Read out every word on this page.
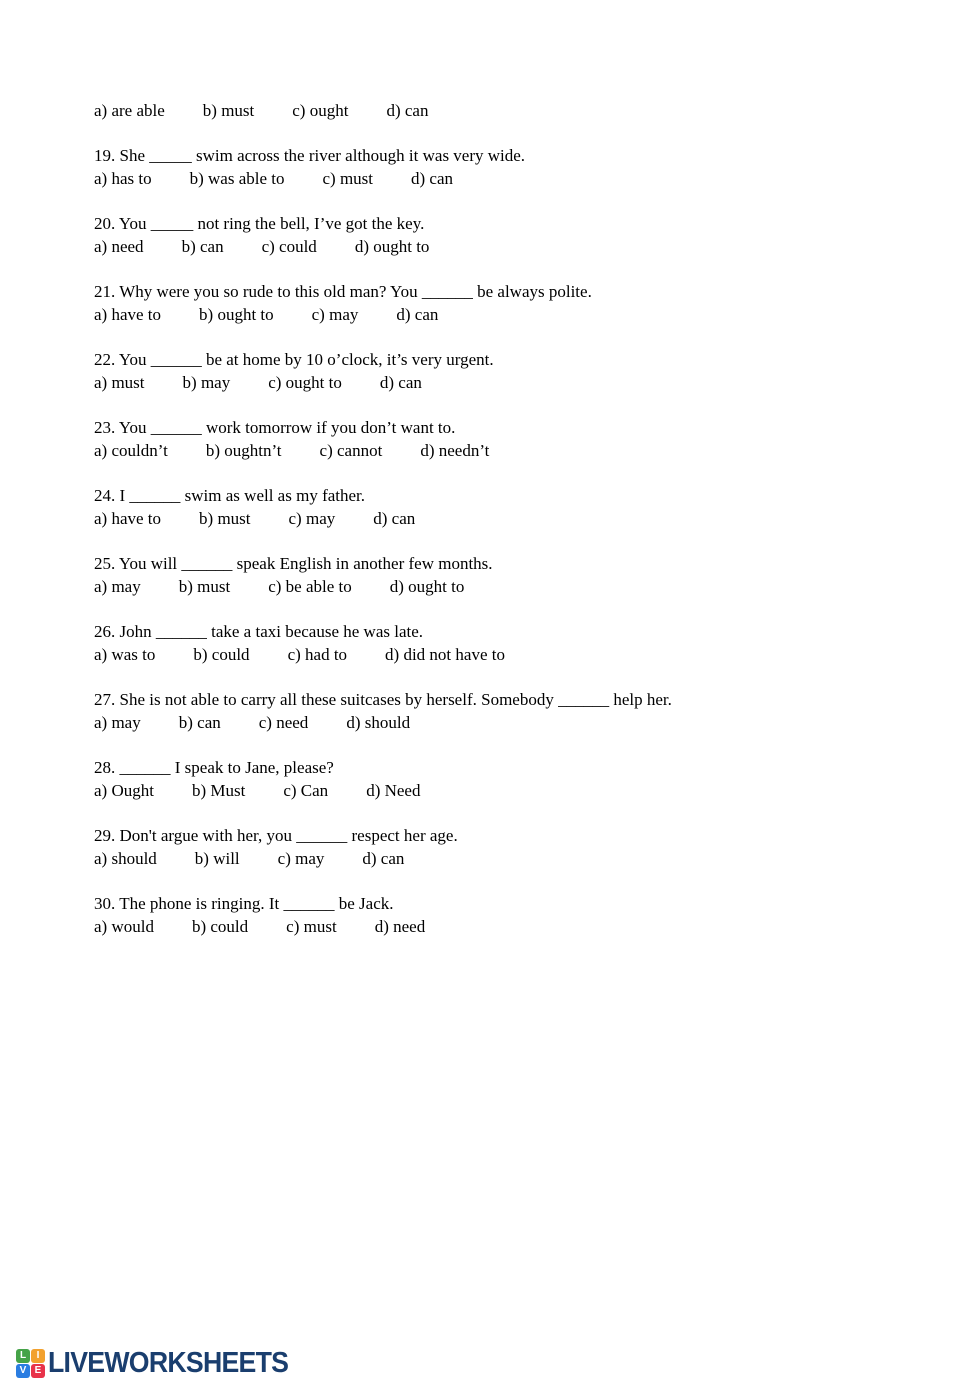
a) are able b) must c) ought d) can
19. She _____ swim across the river although it was very wide.
a) has to b) was able to c) must d) can
20. You _____ not ring the bell, I’ve got the key.
a) need b) can c) could d) ought to
21. Why were you so rude to this old man? You ______ be always polite.
a) have to b) ought to c) may d) can
22. You ______ be at home by 10 o’clock, it’s very urgent.
a) must b) may c) ought to d) can
23. You ______ work tomorrow if you don’t want to.
a) couldn’t b) oughtn’t c) cannot d) needn’t
24. I ______ swim as well as my father.
a) have to b) must c) may d) can
25. You will ______ speak English in another few months.
a) may b) must c) be able to d) ought to
26. John ______ take a taxi because he was late.
a) was to b) could c) had to d) did not have to
27. She is not able to carry all these suitcases by herself. Somebody ______ help her.
a) may b) can c) need d) should
28. ______ I speak to Jane, please?
a) Ought b) Must c) Can d) Need
29. Don't argue with her, you ______ respect her age.
a) should b) will c) may d) can
30. The phone is ringing. It ______ be Jack.
a) would b) could c) must d) need
L	I
V E LIVEWORKSHEETS
